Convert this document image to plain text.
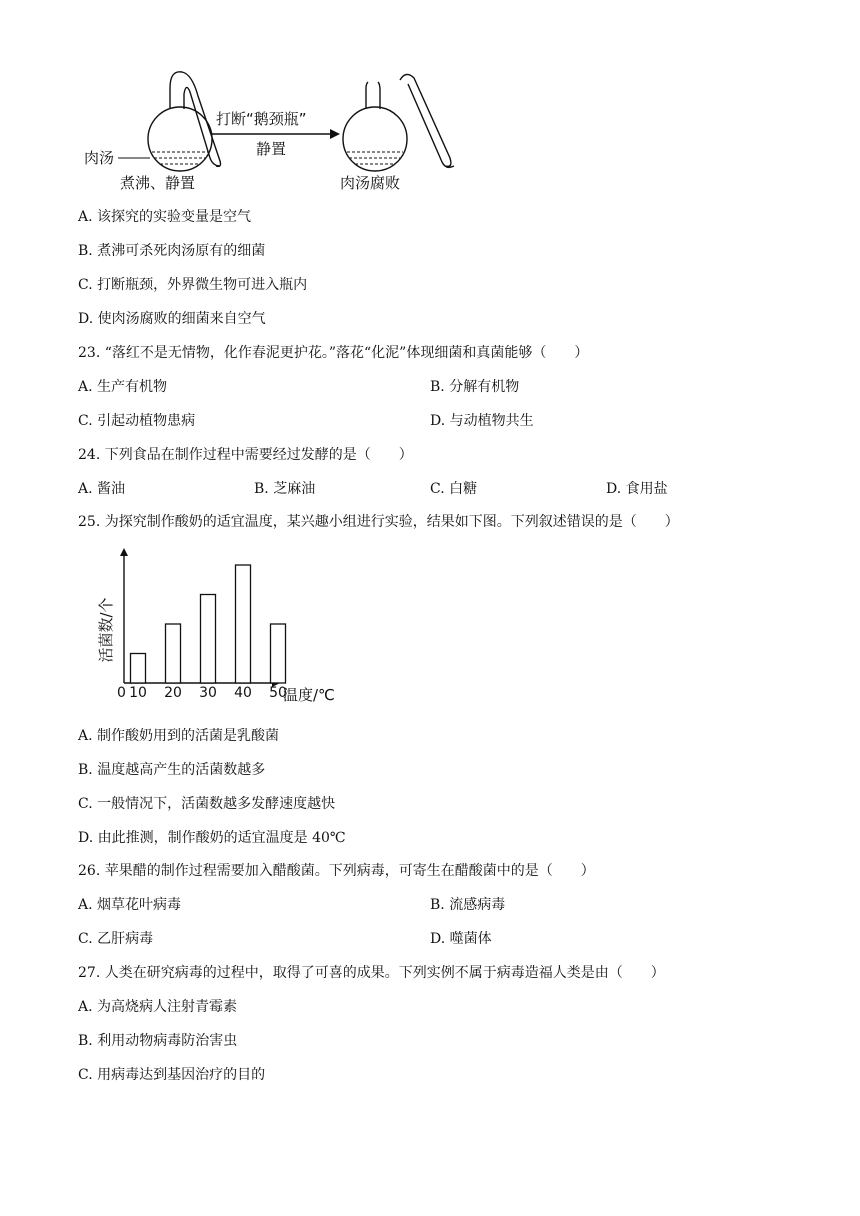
肉汤
煮沸、静置
打断“鹅颈瓶”
静置
肉汤腐败
A. 该探究的实验变量是空气
B. 煮沸可杀死肉汤原有的细菌
C. 打断瓶颈，外界微生物可进入瓶内
D. 使肉汤腐败的细菌来自空气
23. “落红不是无情物，化作春泥更护花。”落花“化泥”体现细菌和真菌能够（　　）
A. 生产有机物	B. 分解有机物
C. 引起动植物患病	D. 与动植物共生
24. 下列食品在制作过程中需要经过发酵的是（　　）
A. 酱油	B. 芝麻油	C. 白糖	D. 食用盐
25. 为探究制作酸奶的适宜温度，某兴趣小组进行实验，结果如下图。下列叙述错误的是（　　）
10 20 30 40 50
活菌数/个
温度/℃
0
A. 制作酸奶用到的活菌是乳酸菌
B. 温度越高产生的活菌数越多
C. 一般情况下，活菌数越多发酵速度越快
D. 由此推测，制作酸奶的适宜温度是 40℃
26. 苹果醋的制作过程需要加入醋酸菌。下列病毒，可寄生在醋酸菌中的是（　　）
A. 烟草花叶病毒	B. 流感病毒
C. 乙肝病毒	D. 噬菌体
27. 人类在研究病毒的过程中，取得了可喜的成果。下列实例不属于病毒造福人类是由（　　）
A. 为高烧病人注射青霉素
B. 利用动物病毒防治害虫
C. 用病毒达到基因治疗的目的
